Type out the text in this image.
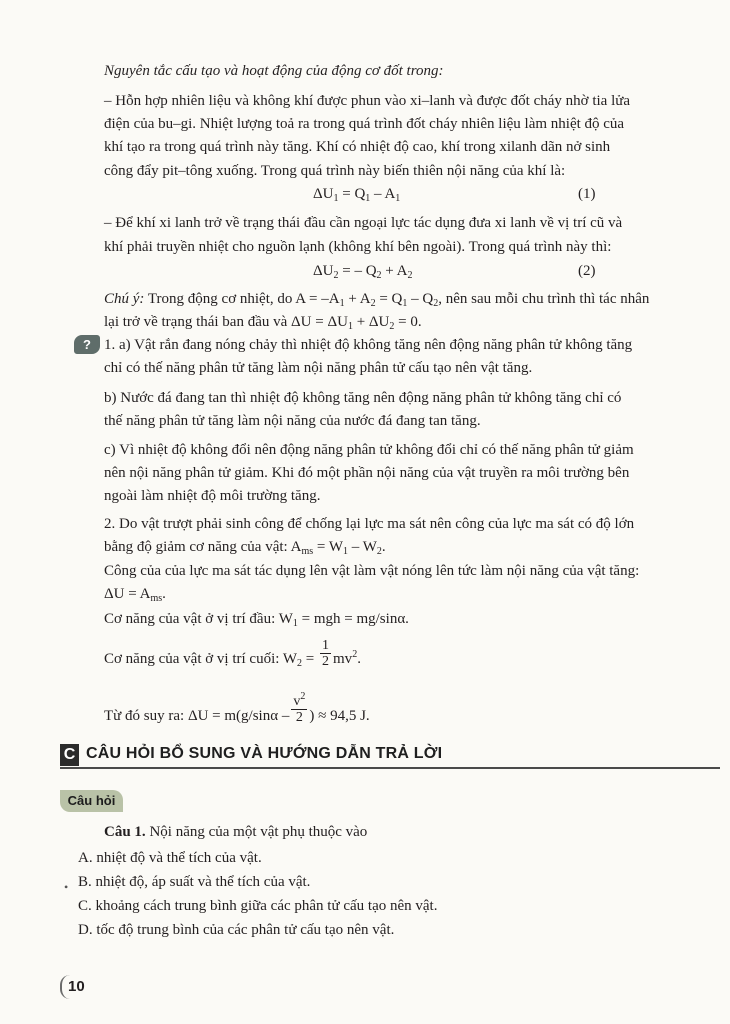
Nguyên tắc cấu tạo và hoạt động của động cơ đốt trong:
– Hỗn hợp nhiên liệu và không khí được phun vào xi–lanh và được đốt cháy nhờ tia lửa
điện của bu–gi. Nhiệt lượng toả ra trong quá trình đốt cháy nhiên liệu làm nhiệt độ của
khí tạo ra trong quá trình này tăng. Khí có nhiệt độ cao, khí trong xilanh dãn nở sinh
công đẩy pit–tông xuống. Trong quá trình này biến thiên nội năng của khí là:
$\Delta U_1 = Q_1 - A_1$	(1)
– Để khí xi lanh trở về trạng thái đầu cần ngoại lực tác dụng đưa xi lanh về vị trí cũ và
khí phải truyền nhiệt cho nguồn lạnh (không khí bên ngoài). Trong quá trình này thì:
$\Delta U_2$ = – $Q_2 + A_2$	(2)
Chú ý: Trong động cơ nhiệt, do $A = -A_1 + A_2 = Q_1 - Q_2$, nên sau mỗi chu trình thì tác nhân
lại trở về trạng thái ban đầu và $\Delta U = \Delta U_1 + \Delta U_2 = 0$.
? 1. a) Vật rắn đang nóng chảy thì nhiệt độ không tăng nên động năng phân tử không tăng
chỉ có thế năng phân tử tăng làm nội năng phân tử cấu tạo nên vật tăng.
b) Nước đá đang tan thì nhiệt độ không tăng nên động năng phân tử không tăng chỉ có
thế năng phân tử tăng làm nội năng của nước đá đang tan tăng.
c) Vì nhiệt độ không đổi nên động năng phân tử không đổi chỉ có thế năng phân tử giảm
nên nội năng phân tử giảm. Khi đó một phần nội năng của vật truyền ra môi trường bên
ngoài làm nhiệt độ môi trường tăng.
2. Do vật trượt phải sinh công để chống lại lực ma sát nên công của lực ma sát có độ lớn
bằng độ giảm cơ năng của vật: $A_{ms} = W_1 - W_2$.
Công của của lực ma sát tác dụng lên vật làm vật nóng lên tức làm nội năng của vật tăng:
$\Delta U = A_{ms}$.
Cơ năng của vật ở vị trí đầu: $W_1$ = mgh = mg/sinα.
Cơ năng của vật ở vị trí cuối: $W_2 = \frac{1}{2} mv^2$.
Từ đó suy ra: $\Delta U = m(g/\sin\alpha - \frac{v^2}{2}$ ) ≈ 94,5 J.
C CÂU HỎI BỔ SUNG VÀ HƯỚNG DẪN TRẢ LỜI
Câu hỏi
Câu 1. Nội năng của một vật phụ thuộc vào
A. nhiệt độ và thể tích của vật.
• B. nhiệt độ, áp suất và thể tích của vật.
C. khoảng cách trung bình giữa các phân tử cấu tạo nên vật.
D. tốc độ trung bình của các phân tử cấu tạo nên vật.
10
